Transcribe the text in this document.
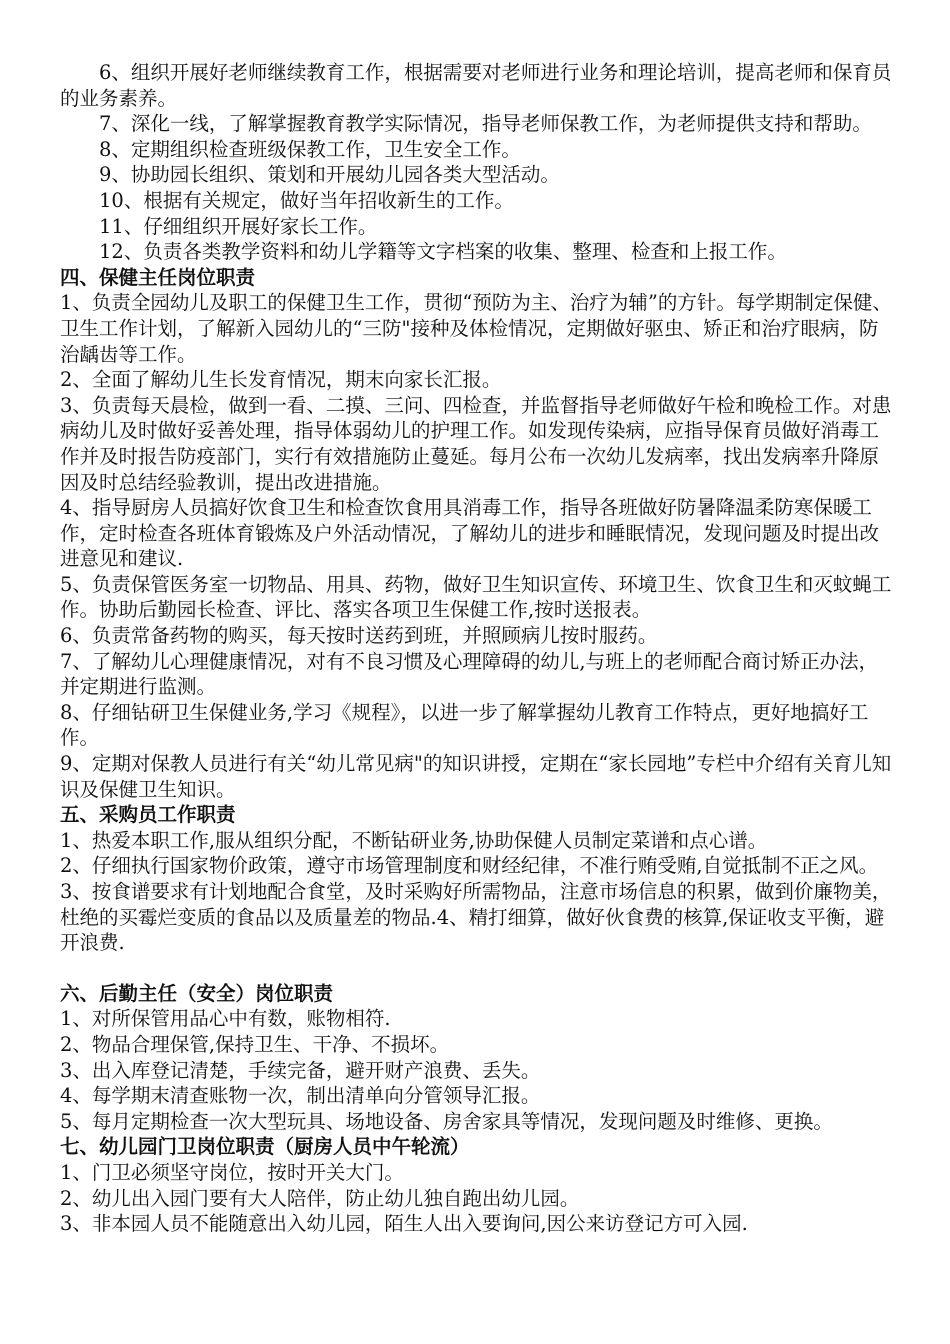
6、组织开展好老师继续教育工作，根据需要对老师进行业务和理论培训，提高老师和保育员的业务素养。

7、深化一线，了解掌握教育教学实际情况，指导老师保教工作，为老师提供支持和帮助。

8、定期组织检查班级保教工作，卫生安全工作。

9、协助园长组织、策划和开展幼儿园各类大型活动。

10、根据有关规定，做好当年招收新生的工作。

11、仔细组织开展好家长工作。

12、负责各类教学资料和幼儿学籍等文字档案的收集、整理、检查和上报工作。

四、保健主任岗位职责

1、负责全园幼儿及职工的保健卫生工作，贯彻“预防为主、治疗为辅”的方针。每学期制定保健、卫生工作计划，了解新入园幼儿的“三防"接种及体检情况，定期做好驱虫、矫正和治疗眼病，防治龋齿等工作。

2、全面了解幼儿生长发育情况，期末向家长汇报。

3、负责每天晨检，做到一看、二摸、三问、四检查，并监督指导老师做好午检和晚检工作。对患病幼儿及时做好妥善处理，指导体弱幼儿的护理工作。如发现传染病，应指导保育员做好消毒工作并及时报告防疫部门，实行有效措施防止蔓延。每月公布一次幼儿发病率，找出发病率升降原因及时总结经验教训，提出改进措施。

4、指导厨房人员搞好饮食卫生和检查饮食用具消毒工作，指导各班做好防暑降温柔防寒保暖工作，定时检查各班体育锻炼及户外活动情况，了解幼儿的进步和睡眠情况，发现问题及时提出改进意见和建议.

5、负责保管医务室一切物品、用具、药物，做好卫生知识宣传、环境卫生、饮食卫生和灭蚊蝇工作。协助后勤园长检查、评比、落实各项卫生保健工作,按时送报表。

6、负责常备药物的购买，每天按时送药到班，并照顾病儿按时服药。

7、了解幼儿心理健康情况，对有不良习惯及心理障碍的幼儿,与班上的老师配合商讨矫正办法，并定期进行监测。

8、仔细钻研卫生保健业务,学习《规程》，以进一步了解掌握幼儿教育工作特点，更好地搞好工作。

9、定期对保教人员进行有关“幼儿常见病"的知识讲授，定期在“家长园地”专栏中介绍有关育儿知识及保健卫生知识。

五、采购员工作职责

1、热爱本职工作,服从组织分配，不断钻研业务,协助保健人员制定菜谱和点心谱。

2、仔细执行国家物价政策，遵守市场管理制度和财经纪律，不准行贿受贿,自觉抵制不正之风。3、按食谱要求有计划地配合食堂，及时采购好所需物品，注意市场信息的积累，做到价廉物美，杜绝的买霉烂变质的食品以及质量差的物品.4、精打细算，做好伙食费的核算,保证收支平衡，避开浪费.

六、后勤主任（安全）岗位职责

1、对所保管用品心中有数，账物相符.

2、物品合理保管,保持卫生、干净、不损坏。

3、出入库登记清楚，手续完备，避开财产浪费、丢失。

4、每学期末清查账物一次，制出清单向分管领导汇报。

5、每月定期检查一次大型玩具、场地设备、房舍家具等情况，发现问题及时维修、更换。

七、幼儿园门卫岗位职责（厨房人员中午轮流）

1、门卫必须坚守岗位，按时开关大门。

2、幼儿出入园门要有大人陪伴，防止幼儿独自跑出幼儿园。

3、非本园人员不能随意出入幼儿园，陌生人出入要询问,因公来访登记方可入园.
